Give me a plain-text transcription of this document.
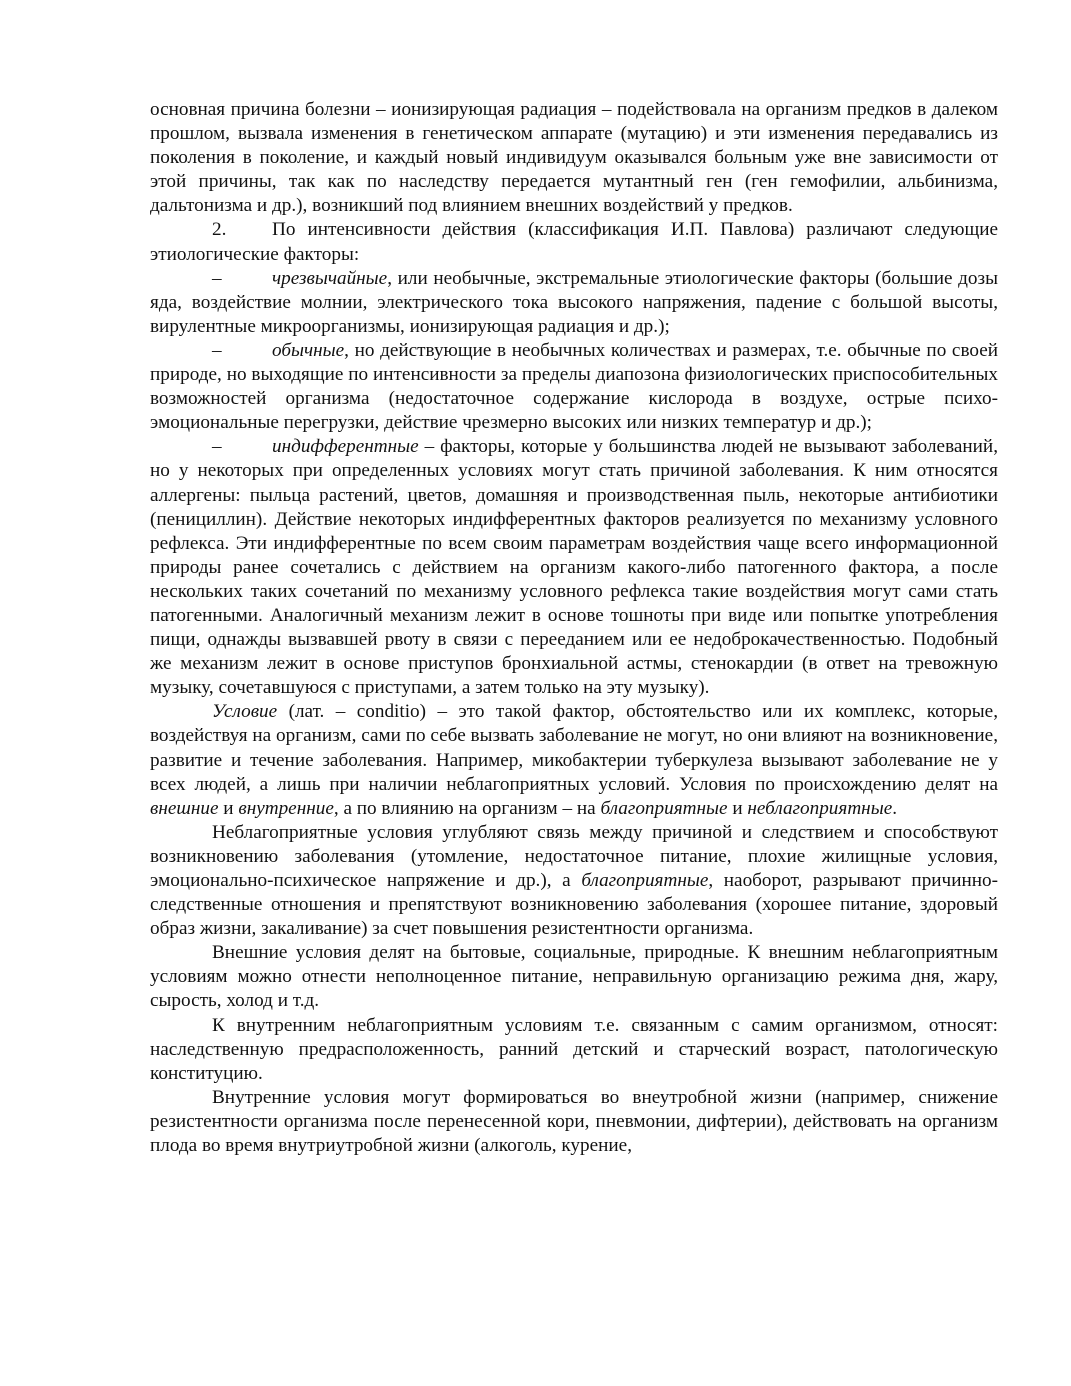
основная причина болезни – ионизирующая радиация – подействовала на организм предков в далеком прошлом, вызвала изменения в генетическом аппарате (мутацию) и эти изменения передавались из поколения в поколение, и каждый новый индивидуум оказывался больным уже вне зависимости от этой причины, так как по наследству передается мутантный ген (ген гемофилии, альбинизма, дальтонизма и др.), возникший под влиянием внешних воздействий у предков.

2. По интенсивности действия (классификация И.П. Павлова) различают следующие этиологические факторы:

–	чрезвычайные, или необычные, экстремальные этиологические факторы (большие дозы яда, воздействие молнии, электрического тока высокого напряжения, падение с большой высоты, вирулентные микроорганизмы, ионизирующая радиация и др.);

–	обычные, но действующие в необычных количествах и размерах, т.е. обычные по своей природе, но выходящие по интенсивности за пределы диапозона физиологических приспособительных возможностей организма (недостаточное содержание кислорода в воздухе, острые психо-эмоциональные перегрузки, действие чрезмерно высоких или низких температур и др.);

–	индифферентные – факторы, которые у большинства людей не вызывают заболеваний, но у некоторых при определенных условиях могут стать причиной заболевания. К ним относятся аллергены: пыльца растений, цветов, домашняя и производственная пыль, некоторые антибиотики (пенициллин). Действие некоторых индифферентных факторов реализуется по механизму условного рефлекса. Эти индифферентные по всем своим параметрам воздействия чаще всего информационной природы ранее сочетались с действием на организм какого-либо патогенного фактора, а после нескольких таких сочетаний по механизму условного рефлекса такие воздействия могут сами стать патогенными. Аналогичный механизм лежит в основе тошноты при виде или попытке употребления пищи, однажды вызвавшей рвоту в связи с перееданием или ее недоброкачественностью. Подобный же механизм лежит в основе приступов бронхиальной астмы, стенокардии (в ответ на тревожную музыку, сочетавшуюся с приступами, а затем только на эту музыку).

Условие (лат. – conditio) – это такой фактор, обстоятельство или их комплекс, которые, воздействуя на организм, сами по себе вызвать заболевание не могут, но они влияют на возникновение, развитие и течение заболевания. Например, микобактерии туберкулеза вызывают заболевание не у всех людей, а лишь при наличии неблагоприятных условий. Условия по происхождению делят на внешние и внутренние, а по влиянию на организм – на благоприятные и неблагоприятные.

Неблагоприятные условия углубляют связь между причиной и следствием и способствуют возникновению заболевания (утомление, недостаточное питание, плохие жилищные условия, эмоционально-психическое напряжение и др.), а благоприятные, наоборот, разрывают причинно-следственные отношения и препятствуют возникновению заболевания (хорошее питание, здоровый образ жизни, закаливание) за счет повышения резистентности организма.

Внешние условия делят на бытовые, социальные, природные. К внешним неблагоприятным условиям можно отнести неполноценное питание, неправильную организацию режима дня, жару, сырость, холод и т.д.

К внутренним неблагоприятным условиям т.е. связанным с самим организмом, относят: наследственную предрасположенность, ранний детский и старческий возраст, патологическую конституцию.

Внутренние условия могут формироваться во внеутробной жизни (например, снижение резистентности организма после перенесенной кори, пневмонии, дифтерии), действовать на организм плода во время внутриутробной жизни (алкоголь, курение,
